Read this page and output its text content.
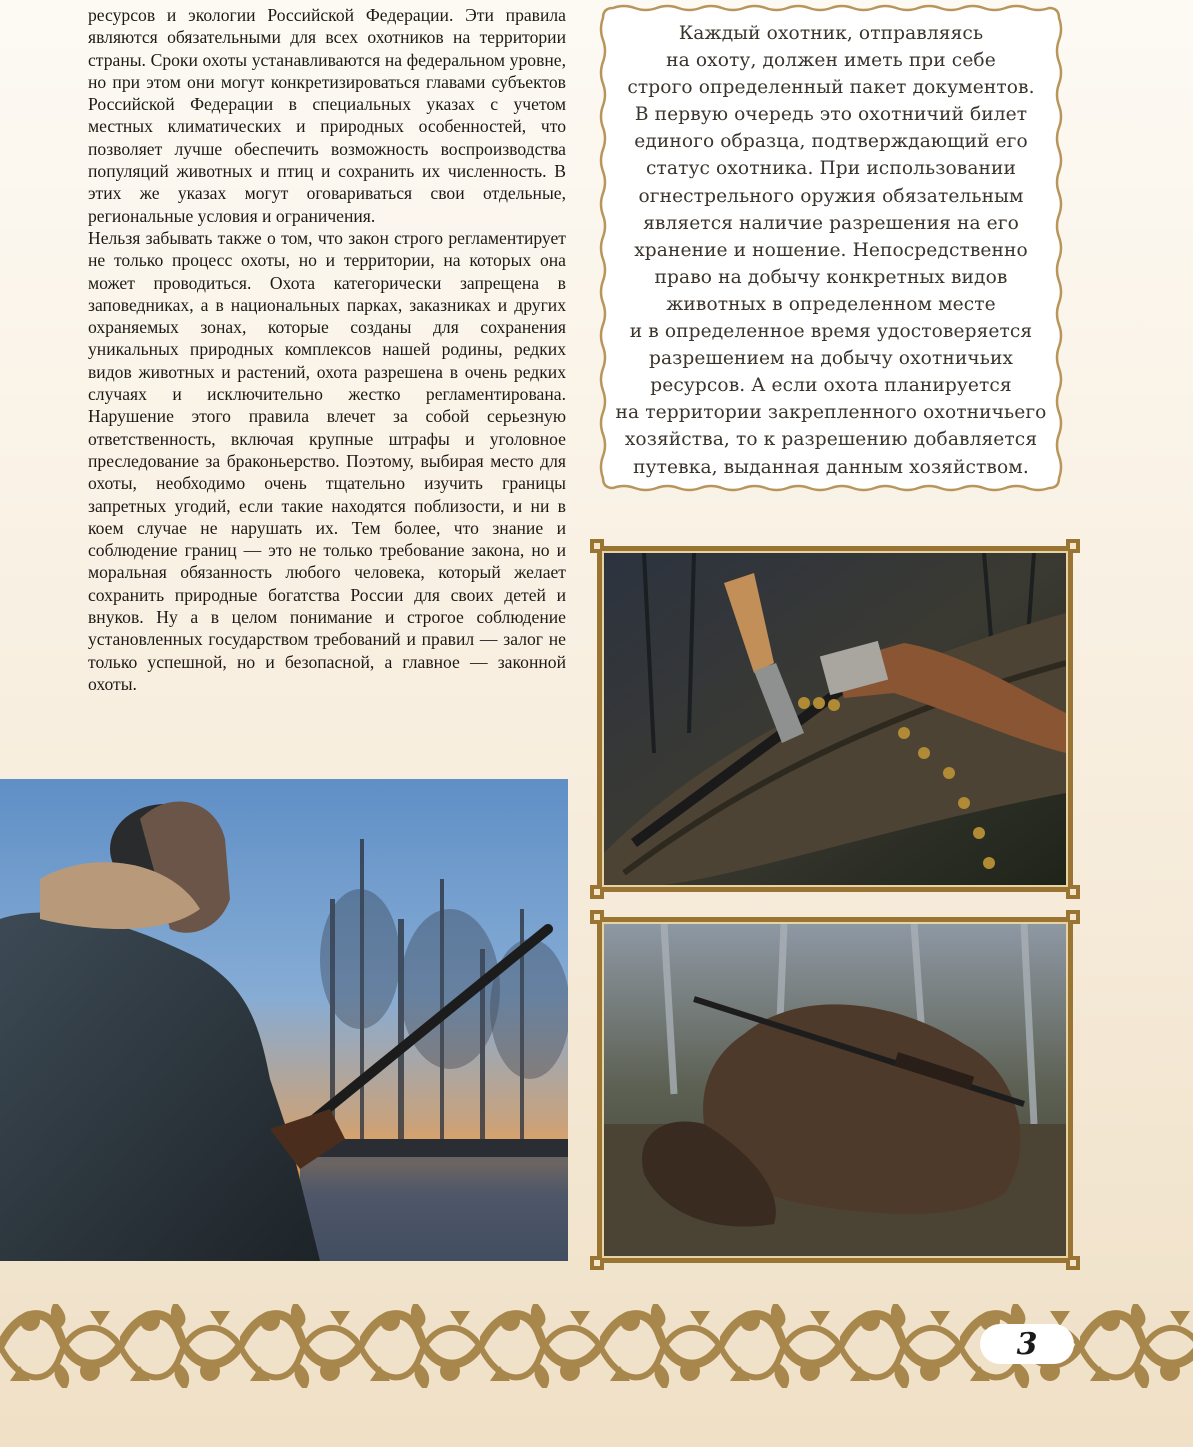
ресурсов и экологии Российской Федерации. Эти правила являются обязательными для всех охотников на территории страны. Сроки охоты устанавливаются на федеральном уровне, но при этом они могут конкретизироваться главами субъектов Российской Федерации в специальных указах с учетом местных климатических и природных особенностей, что позволяет лучше обеспечить возможность воспроизводства популяций животных и птиц и сохранить их численность. В этих же указах могут оговариваться свои отдельные, региональные условия и ограничения.

Нельзя забывать также о том, что закон строго регламентирует не только процесс охоты, но и территории, на которых она может проводиться. Охота категорически запрещена в заповедниках, а в национальных парках, заказниках и других охраняемых зонах, которые созданы для сохранения уникальных природных комплексов нашей родины, редких видов животных и растений, охота разрешена в очень редких случаях и исключительно жестко регламентирована. Нарушение этого правила влечет за собой серьезную ответственность, включая крупные штрафы и уголовное преследование за браконьерство. Поэтому, выбирая место для охоты, необходимо очень тщательно изучить границы запретных угодий, если такие находятся поблизости, и ни в коем случае не нарушать их. Тем более, что знание и соблюдение границ — это не только требование закона, но и моральная обязанность любого человека, который желает сохранить природные богатства России для своих детей и внуков. Ну а в целом понимание и строгое соблюдение установленных государством требований и правил — залог не только успешной, но и безопасной, а главное — законной охоты.

Каждый охотник, отправляясь
на охоту, должен иметь при себе
строго определенный пакет документов.
В первую очередь это охотничий билет
единого образца, подтверждающий его
статус охотника. При использовании
огнестрельного оружия обязательным
является наличие разрешения на его
хранение и ношение. Непосредственно
право на добычу конкретных видов
животных в определенном месте
и в определенное время удостоверяется
разрешением на добычу охотничьих
ресурсов. А если охота планируется
на территории закрепленного охотничьего
хозяйства, то к разрешению добавляется
путевка, выданная данным хозяйством.
3
